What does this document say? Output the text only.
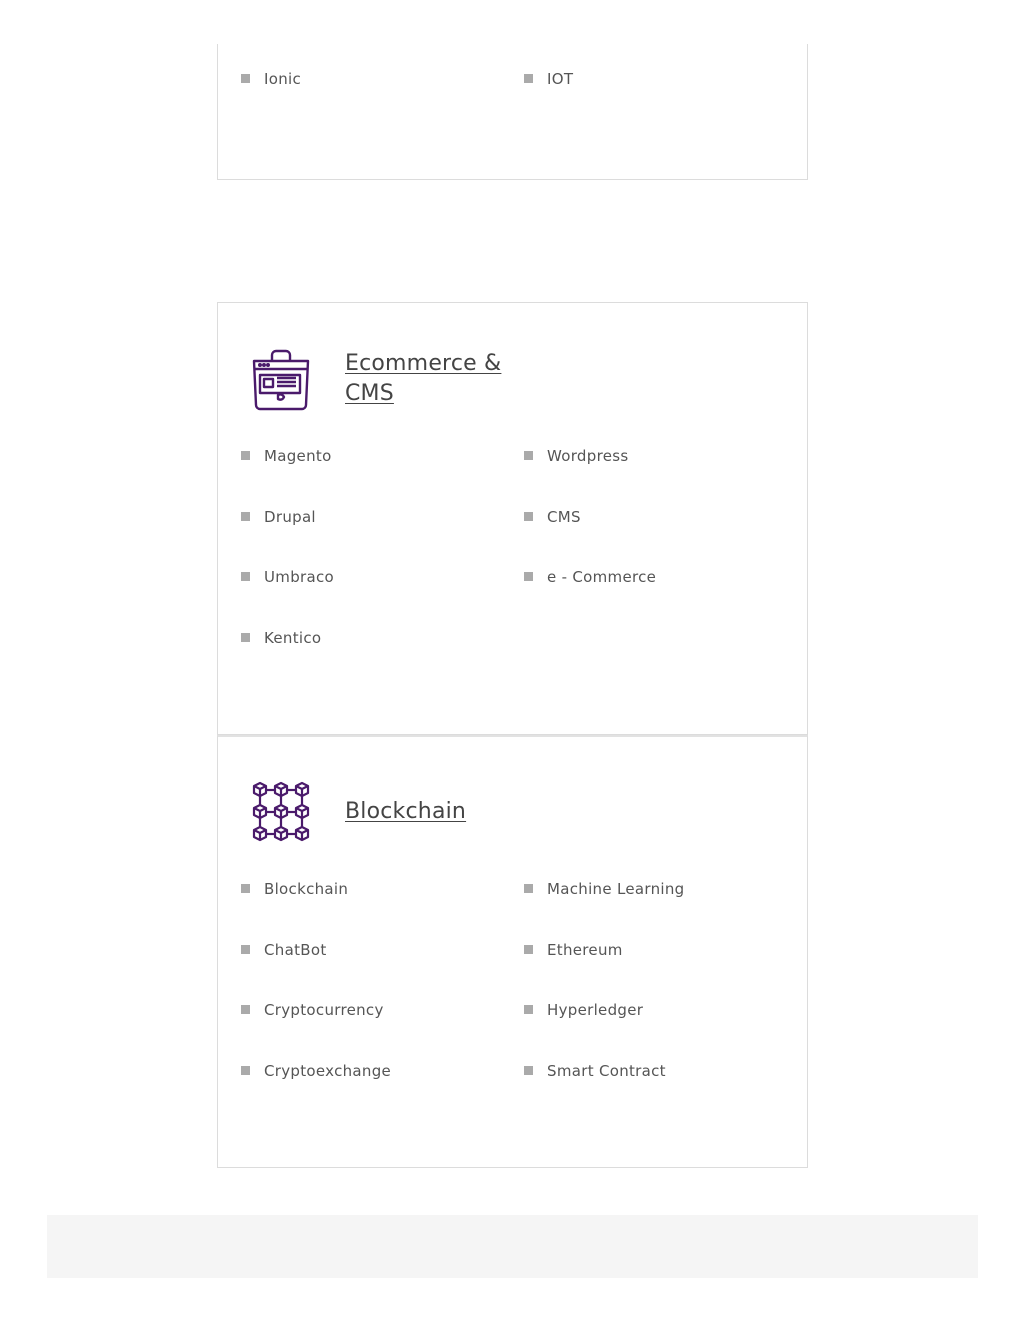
Ionic	IOT
Ecommerce & CMS
Magento	Wordpress
Drupal	CMS
Umbraco	e - Commerce
Kentico
Blockchain
Blockchain	Machine Learning
ChatBot	Ethereum
Cryptocurrency	Hyperledger
Cryptoexchange	Smart Contract
